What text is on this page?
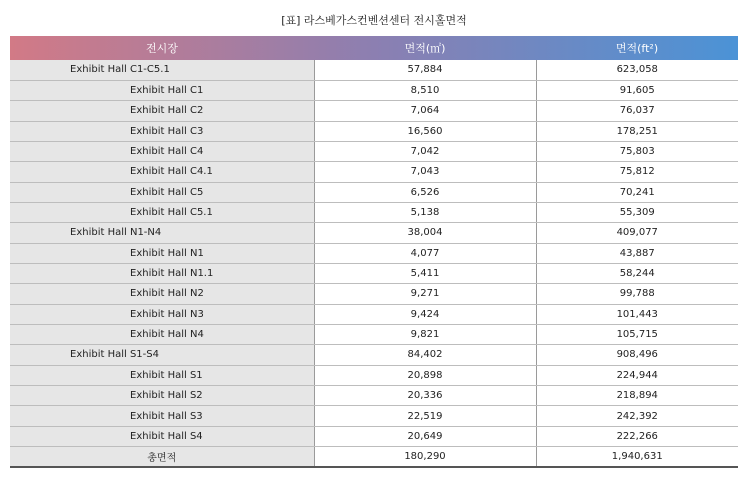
[표] 라스베가스컨벤션센터 전시홀면적
전시장	면적(㎡)	면적(ft²)
Exhibit Hall C1-C5.1	57,884	623,058
Exhibit Hall C1	8,510	91,605
Exhibit Hall C2	7,064	76,037
Exhibit Hall C3	16,560	178,251
Exhibit Hall C4	7,042	75,803
Exhibit Hall C4.1	7,043	75,812
Exhibit Hall C5	6,526	70,241
Exhibit Hall C5.1	5,138	55,309
Exhibit Hall N1-N4	38,004	409,077
Exhibit Hall N1	4,077	43,887
Exhibit Hall N1.1	5,411	58,244
Exhibit Hall N2	9,271	99,788
Exhibit Hall N3	9,424	101,443
Exhibit Hall N4	9,821	105,715
Exhibit Hall S1-S4	84,402	908,496
Exhibit Hall S1	20,898	224,944
Exhibit Hall S2	20,336	218,894
Exhibit Hall S3	22,519	242,392
Exhibit Hall S4	20,649	222,266
총면적	180,290	1,940,631
